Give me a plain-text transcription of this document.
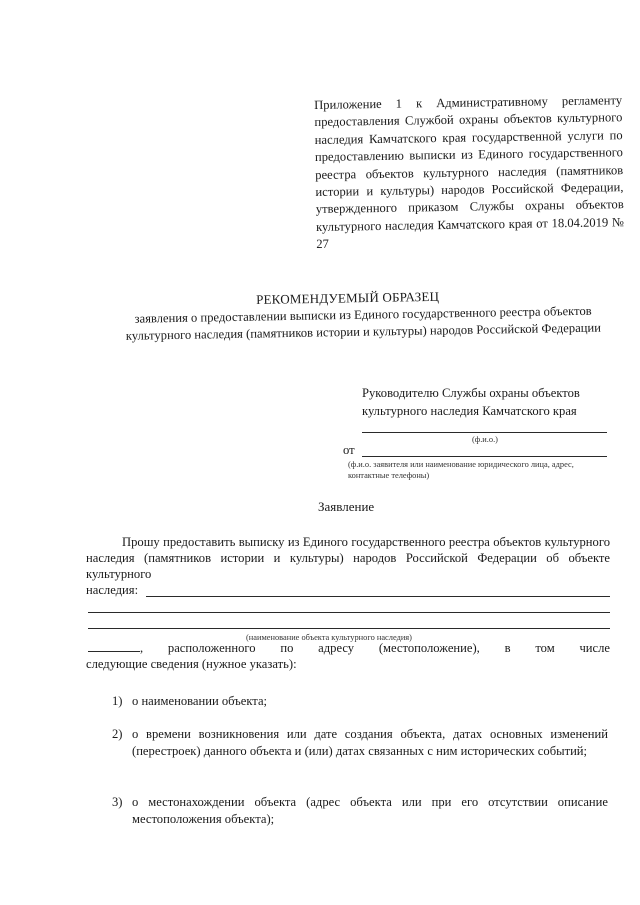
Приложение 1 к Административному регламенту предоставления Службой охраны объектов культурного наследия Камчатского края государственной услуги по предоставлению выписки из Единого государственного реестра объектов культурного наследия (памятников истории и культуры) народов Российской Федерации, утвержденного приказом Службы охраны объектов культурного наследия Камчатского края от 18.04.2019 № 27
РЕКОМЕНДУЕМЫЙ ОБРАЗЕЦ
заявления о предоставлении выписки из Единого государственного реестра объектов культурного наследия (памятников истории и культуры) народов Российской Федерации
Руководителю Службы охраны объектов культурного наследия Камчатского края
(ф.и.о.)
от
(ф.и.о. заявителя или наименование юридического лица, адрес, контактные телефоны)
Заявление
Прошу предоставить выписку из Единого государственного реестра объектов культурного наследия (памятников истории и культуры) народов Российской Федерации об объекте культурного
наследия:
(наименование объекта культурного наследия)
, расположенного по адресу (местоположение), в том числе
следующие сведения (нужное указать):
1) о наименовании объекта;
2) о времени возникновения или дате создания объекта, датах основных изменений (перестроек) данного объекта и (или) датах связанных с ним исторических событий;
3) о местонахождении объекта (адрес объекта или при его отсутствии описание местоположения объекта);
